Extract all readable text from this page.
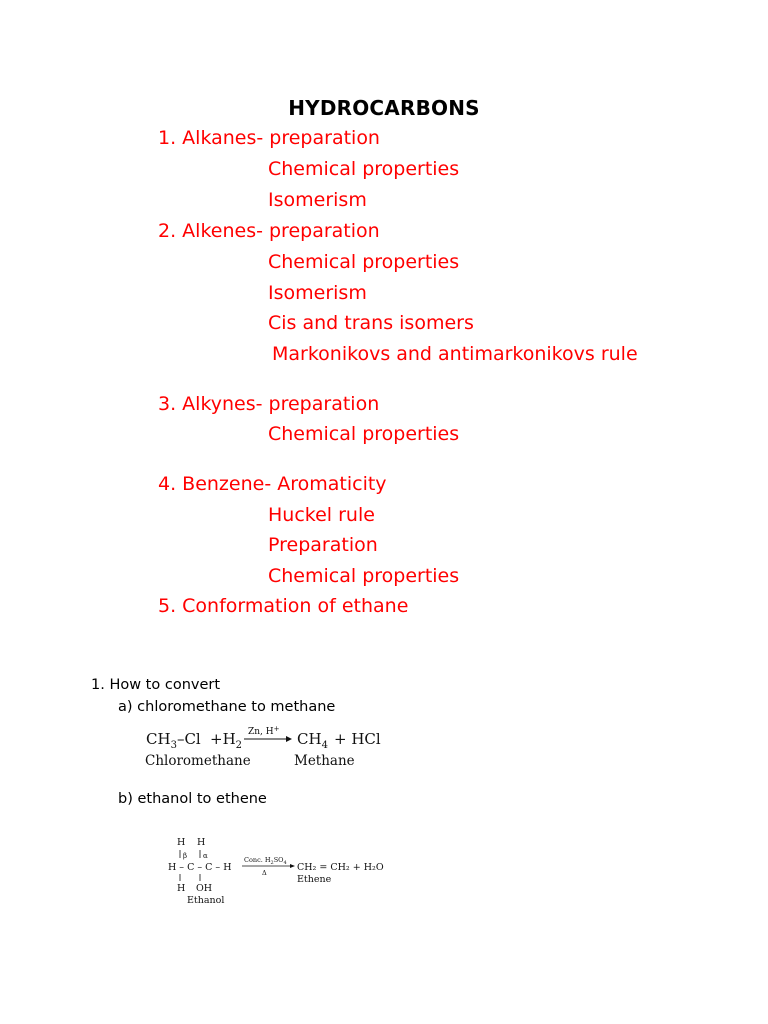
HYDROCARBONS
1. Alkanes- preparation
Chemical properties
Isomerism
2. Alkenes- preparation
Chemical properties
Isomerism
Cis and trans isomers
Markonikovs and antimarkonikovs rule
3. Alkynes- preparation
Chemical properties
4. Benzene- Aromaticity
Huckel rule
Preparation
Chemical properties
5. Conformation of ethane
1. How to convert
a) chloromethane to methane
b) ethanol to ethene
$CH_3-Cl +H_2$
Zn, H+
$CH_4$ + HCl
Chloromethane	Methane
H H
β α
H – C – C – H
H OH
Ethanol
Conc. $H_2SO_4$
Δ	CH₂ = CH₂ + H₂O
Ethene
